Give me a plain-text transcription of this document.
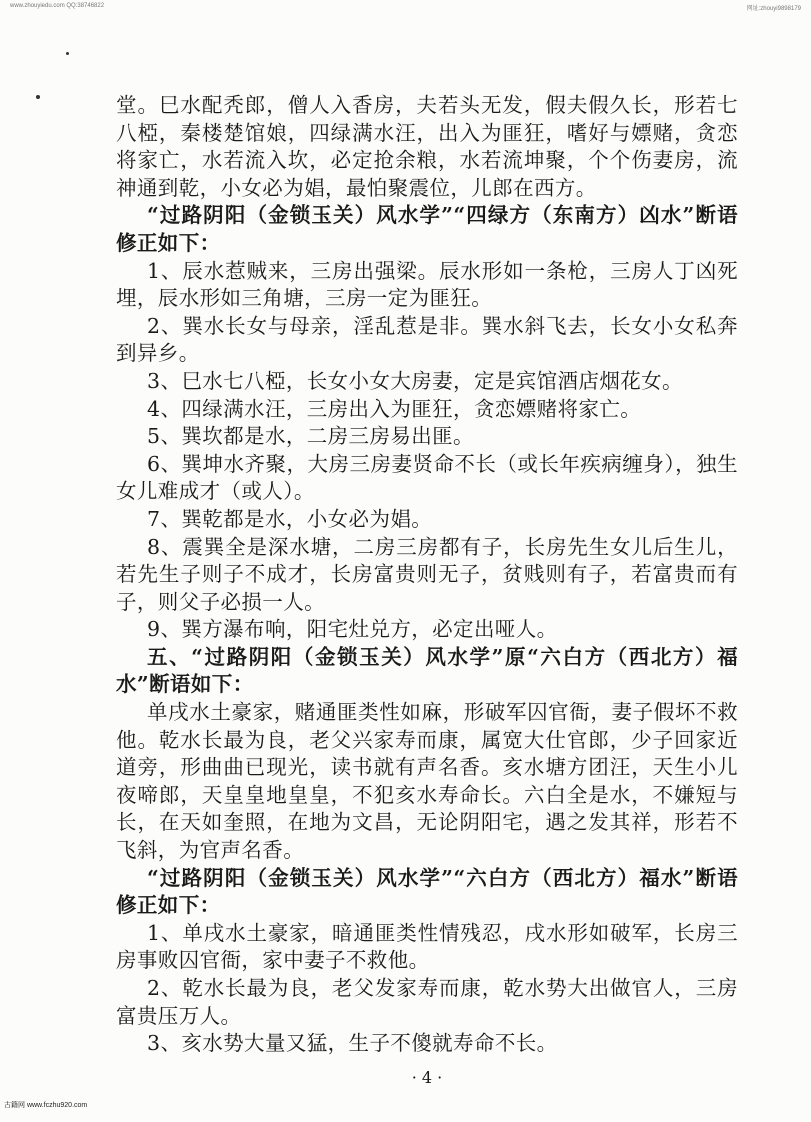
www.zhouyiedu.com QQ:38746822	网址:zhouyi9898179

堂。巳水配秃郎，僧人入香房，夫若头无发，假夫假久长，形若七八椏，秦楼楚馆娘，四绿满水汪，出入为匪狂，嗜好与嫖赌，贪恋将家亡，水若流入坎，必定抢余粮，水若流坤聚，个个伤妻房，流神通到乾，小女必为娼，最怕聚震位，儿郎在西方。

“过路阴阳（金锁玉关）风水学”“四绿方（东南方）凶水”断语修正如下：

1、辰水惹贼来，三房出强梁。辰水形如一条枪，三房人丁凶死埋，辰水形如三角塘，三房一定为匪狂。

2、巽水长女与母亲，淫乱惹是非。巽水斜飞去，长女小女私奔到异乡。

3、巳水七八椏，长女小女大房妻，定是宾馆酒店烟花女。

4、四绿满水汪，三房出入为匪狂，贪恋嫖赌将家亡。

5、巽坎都是水，二房三房易出匪。

6、巽坤水齐聚，大房三房妻贤命不长（或长年疾病缠身），独生女儿难成才（或人）。

7、巽乾都是水，小女必为娼。

8、震巽全是深水塘，二房三房都有子，长房先生女儿后生儿，若先生子则子不成才，长房富贵则无子，贫贱则有子，若富贵而有子，则父子必损一人。

9、巽方瀑布响，阳宅灶兑方，必定出哑人。

五、“过路阴阳（金锁玉关）风水学”原“六白方（西北方）福水”断语如下：

单戌水土豪家，赌通匪类性如麻，形破军囚官衙，妻子假坏不救他。乾水长最为良，老父兴家寿而康，属宽大仕官郎，少子回家近道旁，形曲曲已现光，读书就有声名香。亥水塘方团汪，天生小儿夜啼郎，天皇皇地皇皇，不犯亥水寿命长。六白全是水，不嫌短与长，在天如奎照，在地为文昌，无论阴阳宅，遇之发其祥，形若不飞斜，为官声名香。

“过路阴阳（金锁玉关）风水学”“六白方（西北方）福水”断语修正如下：

1、单戌水土豪家，暗通匪类性情残忍，戌水形如破军，长房三房事败囚官衙，家中妻子不救他。

2、乾水长最为良，老父发家寿而康，乾水势大出做官人，三房富贵压万人。

3、亥水势大量又猛，生子不傻就寿命不长。

· 4 ·
古籍网 www.fczhu920.com
